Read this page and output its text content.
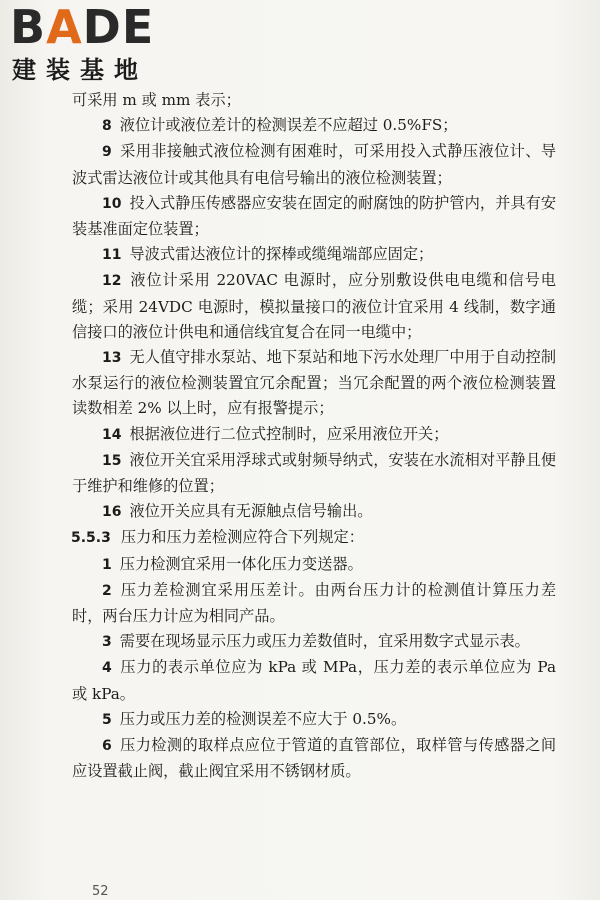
BADE
建装基地

可采用 m 或 mm 表示；

8 液位计或液位差计的检测误差不应超过 0.5%FS；

9 采用非接触式液位检测有困难时，可采用投入式静压液位计、导波式雷达液位计或其他具有电信号输出的液位检测装置；

10 投入式静压传感器应安装在固定的耐腐蚀的防护管内，并具有安装基准面定位装置；

11 导波式雷达液位计的探棒或缆绳端部应固定；

12 液位计采用 220VAC 电源时，应分别敷设供电电缆和信号电缆；采用 24VDC 电源时，模拟量接口的液位计宜采用 4 线制，数字通信接口的液位计供电和通信线宜复合在同一电缆中；

13 无人值守排水泵站、地下泵站和地下污水处理厂中用于自动控制水泵运行的液位检测装置宜冗余配置；当冗余配置的两个液位检测装置读数相差 2% 以上时，应有报警提示；

14 根据液位进行二位式控制时，应采用液位开关；

15 液位开关宜采用浮球式或射频导纳式，安装在水流相对平静且便于维护和维修的位置；

16 液位开关应具有无源触点信号输出。

5.5.3 压力和压力差检测应符合下列规定：

1 压力检测宜采用一体化压力变送器。

2 压力差检测宜采用压差计。由两台压力计的检测值计算压力差时，两台压力计应为相同产品。

3 需要在现场显示压力或压力差数值时，宜采用数字式显示表。

4 压力的表示单位应为 kPa 或 MPa，压力差的表示单位应为 Pa 或 kPa。

5 压力或压力差的检测误差不应大于 0.5%。

6 压力检测的取样点应位于管道的直管部位，取样管与传感器之间应设置截止阀，截止阀宜采用不锈钢材质。

52
